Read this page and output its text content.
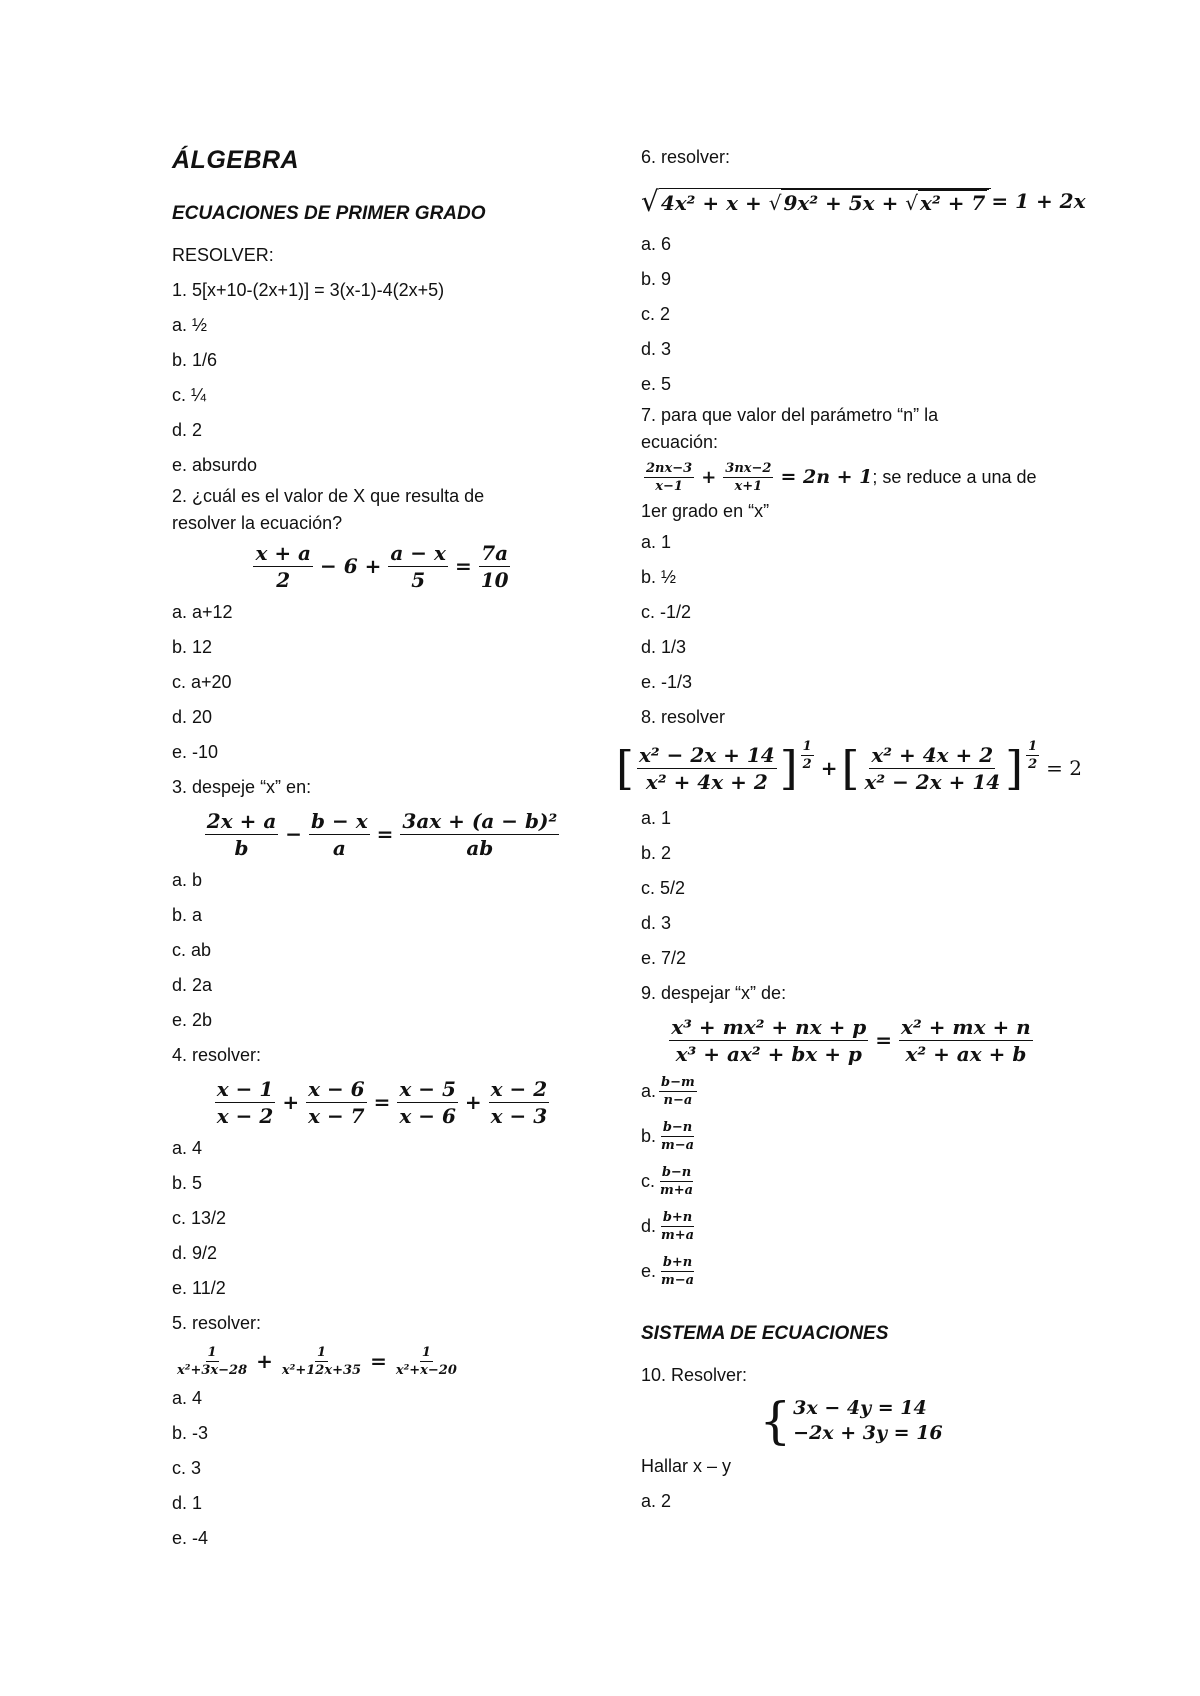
ÁLGEBRA
ECUACIONES DE PRIMER GRADO
RESOLVER:
1. 5[x+10-(2x+1)] = 3(x-1)-4(2x+5)
a. ½
b. 1/6
c. ¼
d. 2
e. absurdo
2. ¿cuál es el valor de X que resulta de
resolver la ecuación?
$\frac{x + a}{2} - 6 + \frac{a - x}{5} = \frac{7a}{10}$
a. a+12
b. 12
c. a+20
d. 20
e. -10
3. despeje “x” en:
$\frac{2x + a}{b} - \frac{b - x}{a} = \frac{\text{3ax + (a − b)²}}{ab}$
a. b
b. a
c. ab
d. 2a
e. 2b
4. resolver:
$\frac{x - 1}{x - 2} + \frac{x - 6}{x - 7} = \frac{x - 5}{x - 6} + \frac{x - 2}{x - 3}$
a. 4
b. 5
c. 13/2
d. 9/2
e. 11/2
5. resolver:
$\frac{1}{\text{x²+3x−28}} + \frac{1}{\text{x²+12x+35}} = \frac{1}{\text{x²+x−20}}$
a. 4
b. -3
c. 3
d. 1
e. -4
6. resolver:
√ 4x² + x + √ 9x² + 5x + √ x² + 7 = 1 + 2x
a. 6
b. 9
c. 2
d. 3
e. 5
7. para que valor del parámetro “n” la
ecuación:
$\frac{2nx-3}{x-1} + \frac{3nx-2}{x+1} = 2n + 1$ ; se reduce a una de
1er grado en “x”
a. 1
b. ½
c. -1/2
d. 1/3
e. -1/3
8. resolver
[ $\frac{\text{x² − 2x + 14}}{\text{x² + 4x + 2}}$ ] $\frac{1}{2}$ + [ $\frac{\text{x² + 4x + 2}}{\text{x² − 2x + 14}}$ ] $\frac{1}{2} = 2$
a. 1
b. 2
c. 5/2
d. 3
e. 7/2
9. despejar “x” de:
$\frac{\text{x³ + mx² + nx + p}}{\text{x³ + ax² + bx + p}} = \frac{\text{x² + mx + n}}{\text{x² + ax + b}}$
a. $\frac{b-m}{n-a}$
b. $\frac{b-n}{m-a}$
c. $\frac{b-n}{m+a}$
d. $\frac{b+n}{m+a}$
e. $\frac{b+n}{m-a}$
SISTEMA DE ECUACIONES
10. Resolver:
{ 3x − 4y = 14
−2x + 3y = 16
Hallar x – y
a. 2
